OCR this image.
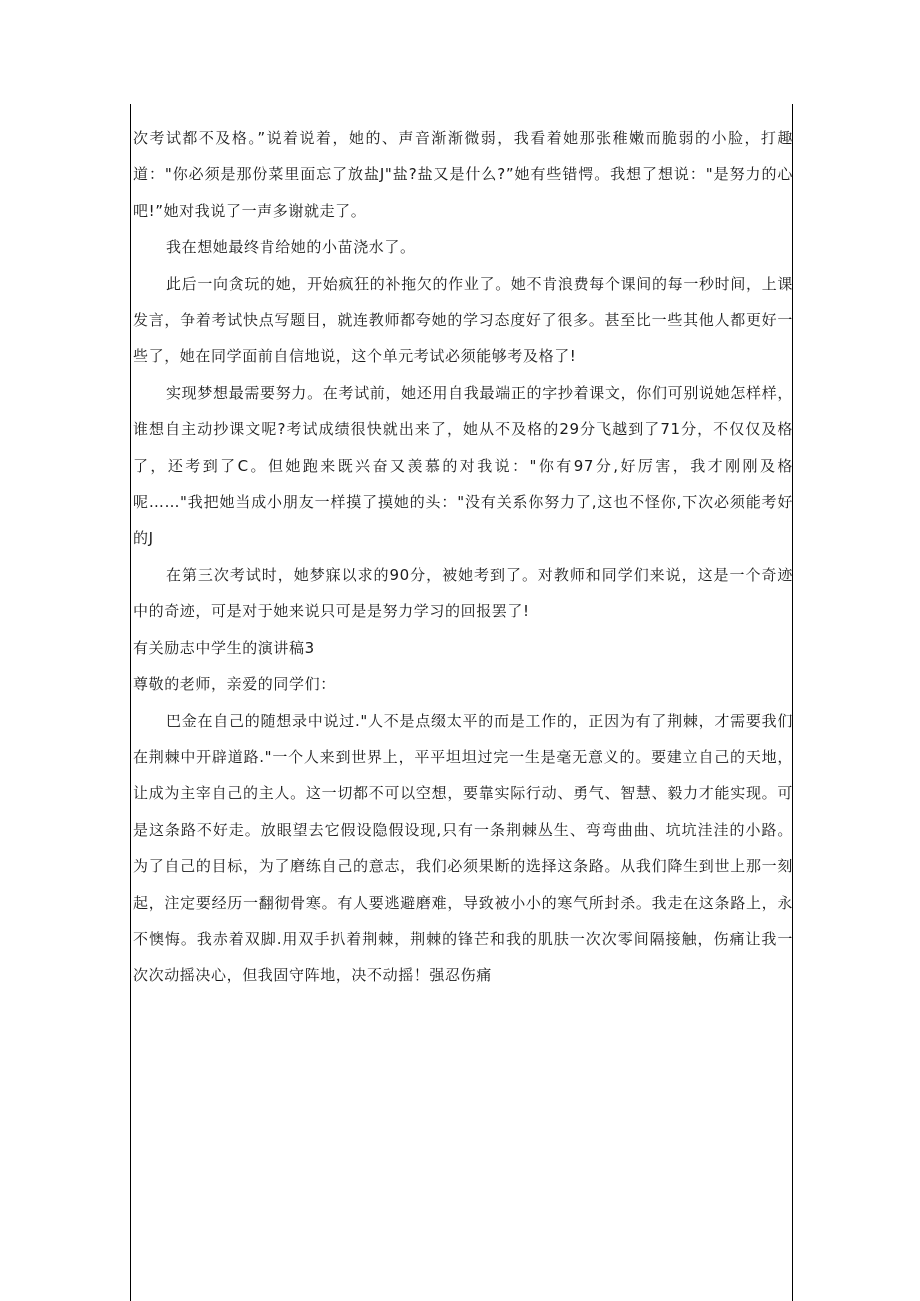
次考试都不及格。”说着说着，她的、声音渐渐微弱，我看着她那张稚嫩而脆弱的小脸，打趣道："你必须是那份菜里面忘了放盐J"盐?盐又是什么?”她有些错愕。我想了想说："是努力的心吧!”她对我说了一声多谢就走了。

我在想她最终肯给她的小苗浇水了。

此后一向贪玩的她，开始疯狂的补拖欠的作业了。她不肯浪费每个课间的每一秒时间，上课发言，争着考试快点写题目，就连教师都夸她的学习态度好了很多。甚至比一些其他人都更好一些了，她在同学面前自信地说，这个单元考试必须能够考及格了!

实现梦想最需要努力。在考试前，她还用自我最端正的字抄着课文，你们可别说她怎样样，谁想自主动抄课文呢?考试成绩很快就出来了，她从不及格的29分飞越到了71分，不仅仅及格了，还考到了C。但她跑来既兴奋又羡慕的对我说："你有97分,好厉害，我才刚刚及格呢……"我把她当成小朋友一样摸了摸她的头："没有关系你努力了,这也不怪你,下次必须能考好的J

在第三次考试时，她梦寐以求的90分，被她考到了。对教师和同学们来说，这是一个奇迹中的奇迹，可是对于她来说只可是是努力学习的回报罢了!

有关励志中学生的演讲稿3

尊敬的老师，亲爱的同学们：

巴金在自己的随想录中说过."人不是点缀太平的而是工作的，正因为有了荆棘，才需要我们在荆棘中开辟道路."一个人来到世界上，平平坦坦过完一生是毫无意义的。要建立自己的天地，让成为主宰自己的主人。这一切都不可以空想，要靠实际行动、勇气、智慧、毅力才能实现。可是这条路不好走。放眼望去它假设隐假设现,只有一条荆棘丛生、弯弯曲曲、坑坑洼洼的小路。为了自己的目标，为了磨练自己的意志，我们必须果断的选择这条路。从我们降生到世上那一刻起，注定要经历一翻彻骨寒。有人要逃避磨难，导致被小小的寒气所封杀。我走在这条路上，永不懊悔。我赤着双脚.用双手扒着荆棘，荆棘的锋芒和我的肌肤一次次零间隔接触，伤痛让我一次次动摇决心，但我固守阵地，决不动摇！强忍伤痛
